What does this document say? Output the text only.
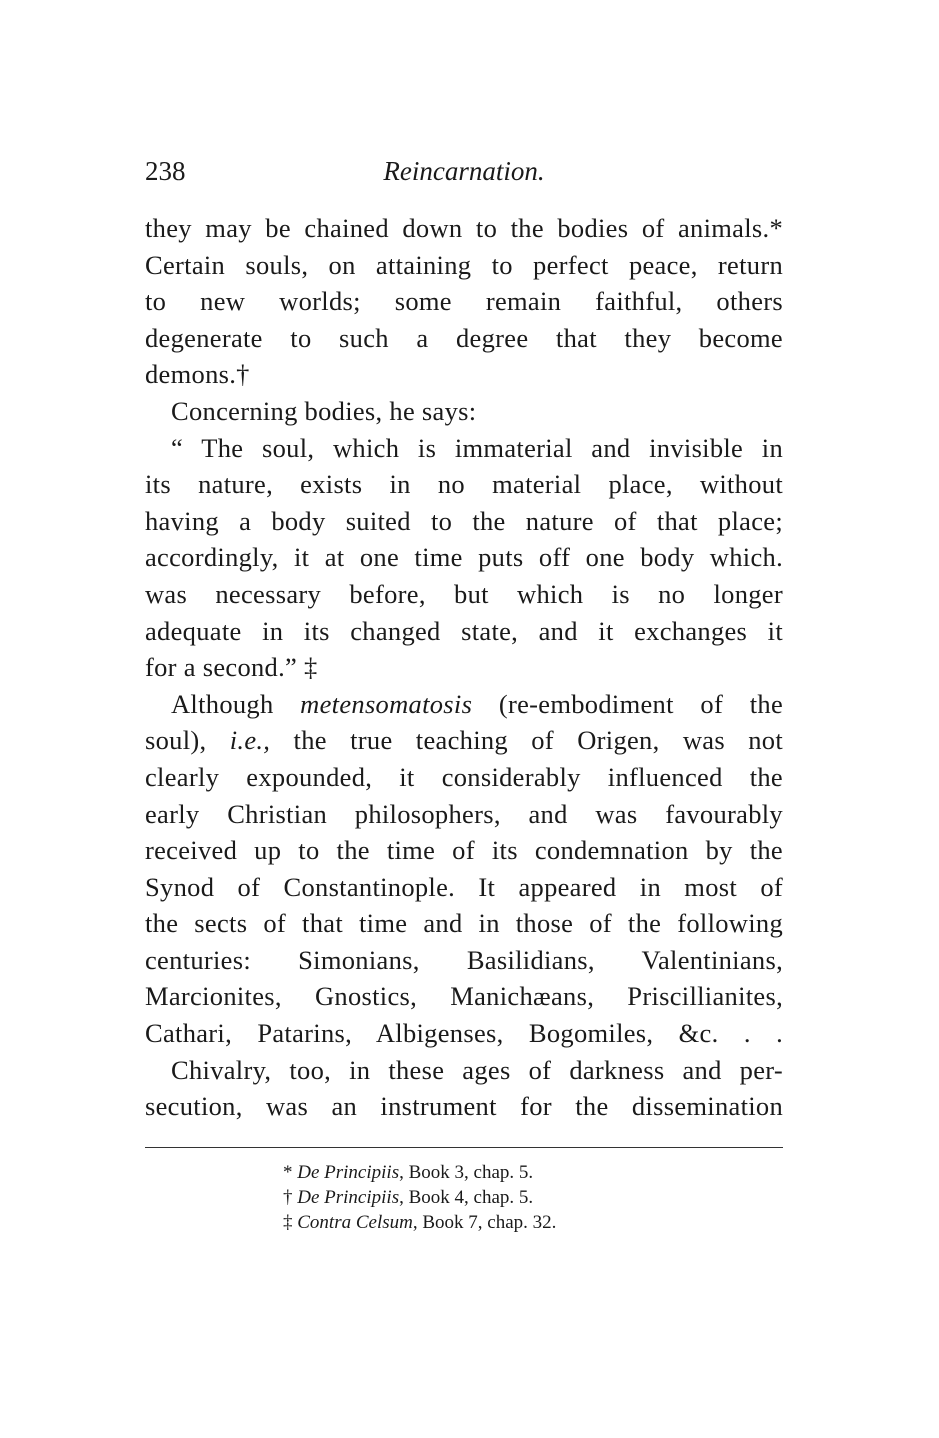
238	Reincarnation.
they may be chained down to the bodies of animals.*
Certain souls, on attaining to perfect peace, return
to new worlds; some remain faithful, others
degenerate to such a degree that they become
demons.†
Concerning bodies, he says:
“ The soul, which is immaterial and invisible in
its nature, exists in no material place, without
having a body suited to the nature of that place;
accordingly, it at one time puts off one body which.
was necessary before, but which is no longer
adequate in its changed state, and it exchanges it
for a second.” ‡
Although metensomatosis (re-embodiment of the
soul), i.e., the true teaching of Origen, was not
clearly expounded, it considerably influenced the
early Christian philosophers, and was favourably
received up to the time of its condemnation by the
Synod of Constantinople. It appeared in most of
the sects of that time and in those of the following
centuries: Simonians, Basilidians, Valentinians,
Marcionites, Gnostics, Manichæans, Priscillianites,
Cathari, Patarins, Albigenses, Bogomiles, &c. . .
Chivalry, too, in these ages of darkness and per-
secution, was an instrument for the dissemination
* De Principiis, Book 3, chap. 5.
† De Principiis, Book 4, chap. 5.
‡ Contra Celsum, Book 7, chap. 32.
